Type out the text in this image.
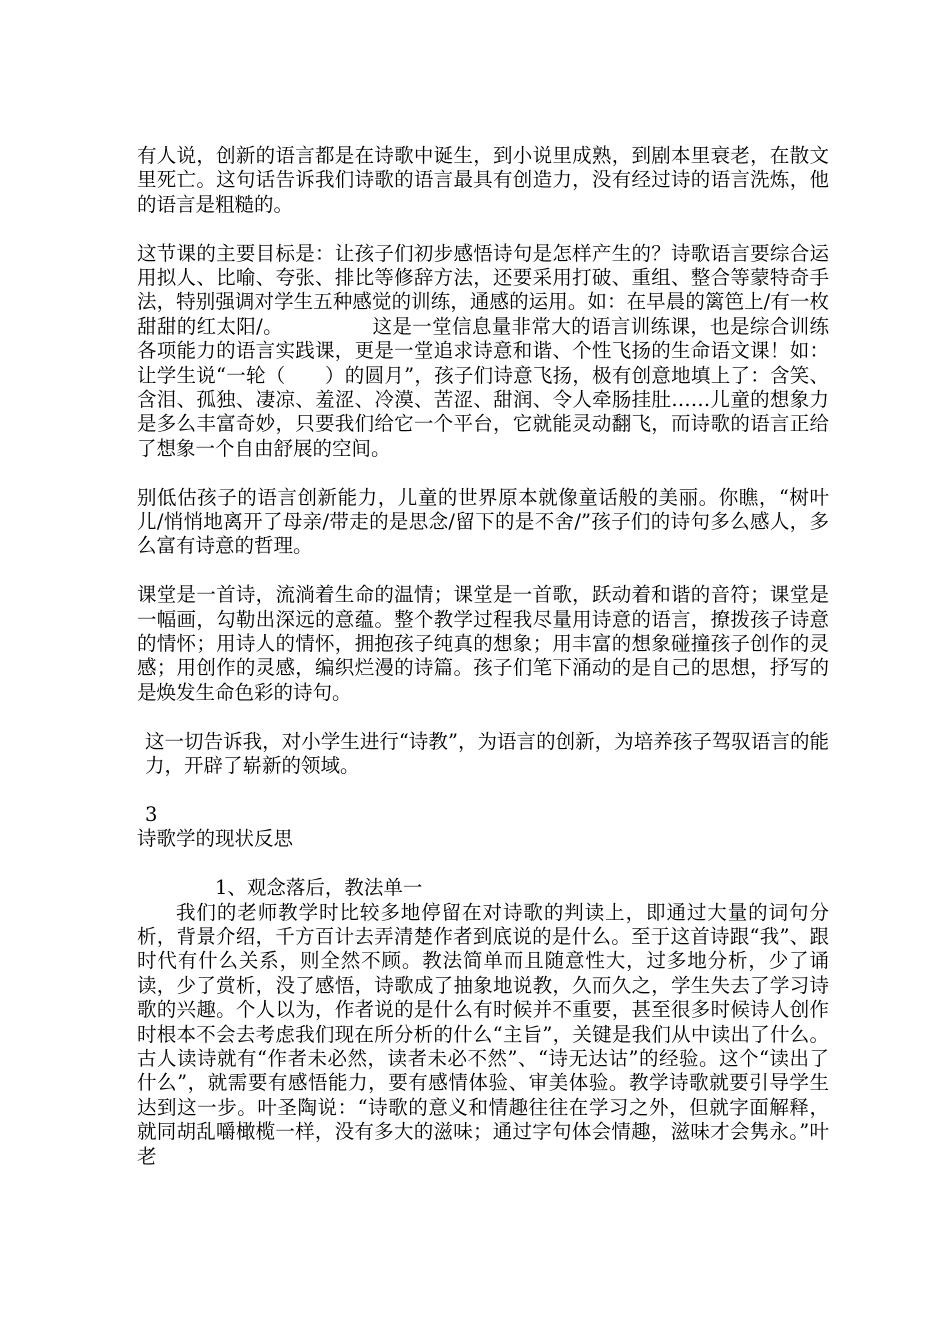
有人说，创新的语言都是在诗歌中诞生，到小说里成熟，到剧本里衰老，在散文里死亡。这句话告诉我们诗歌的语言最具有创造力，没有经过诗的语言洗炼，他的语言是粗糙的。

这节课的主要目标是：让孩子们初步感悟诗句是怎样产生的？诗歌语言要综合运用拟人、比喻、夸张、排比等修辞方法，还要采用打破、重组、整合等蒙特奇手法，特别强调对学生五种感觉的训练，通感的运用。如：在早晨的篱笆上/有一枚甜甜的红太阳/。　　　　　这是一堂信息量非常大的语言训练课，也是综合训练各项能力的语言实践课，更是一堂追求诗意和谐、个性飞扬的生命语文课！如：让学生说“一轮（　　）的圆月”，孩子们诗意飞扬，极有创意地填上了：含笑、含泪、孤独、凄凉、羞涩、冷漠、苦涩、甜润、令人牵肠挂肚……儿童的想象力是多么丰富奇妙，只要我们给它一个平台，它就能灵动翻飞，而诗歌的语言正给了想象一个自由舒展的空间。

别低估孩子的语言创新能力，儿童的世界原本就像童话般的美丽。你瞧，“树叶儿/悄悄地离开了母亲/带走的是思念/留下的是不舍/”孩子们的诗句多么感人，多么富有诗意的哲理。

课堂是一首诗，流淌着生命的温情；课堂是一首歌，跃动着和谐的音符；课堂是一幅画，勾勒出深远的意蕴。整个教学过程我尽量用诗意的语言，撩拨孩子诗意的情怀；用诗人的情怀，拥抱孩子纯真的想象；用丰富的想象碰撞孩子创作的灵感；用创作的灵感，编织烂漫的诗篇。孩子们笔下涌动的是自己的思想，抒写的是焕发生命色彩的诗句。

这一切告诉我，对小学生进行“诗教”，为语言的创新，为培养孩子驾驭语言的能力，开辟了崭新的领域。

3

诗歌学的现状反思

1、观念落后，教法单一

我们的老师教学时比较多地停留在对诗歌的判读上，即通过大量的词句分析，背景介绍，千方百计去弄清楚作者到底说的是什么。至于这首诗跟“我”、跟时代有什么关系，则全然不顾。教法简单而且随意性大，过多地分析，少了诵读，少了赏析，没了感悟，诗歌成了抽象地说教，久而久之，学生失去了学习诗歌的兴趣。个人以为，作者说的是什么有时候并不重要，甚至很多时候诗人创作时根本不会去考虑我们现在所分析的什么“主旨”，关键是我们从中读出了什么。古人读诗就有“作者未必然，读者未必不然”、“诗无达诂”的经验。这个“读出了什么”，就需要有感悟能力，要有感情体验、审美体验。教学诗歌就要引导学生达到这一步。叶圣陶说：“诗歌的意义和情趣往往在学习之外，但就字面解释，就同胡乱嚼橄榄一样，没有多大的滋味；通过字句体会情趣，滋味才会隽永。”叶老
